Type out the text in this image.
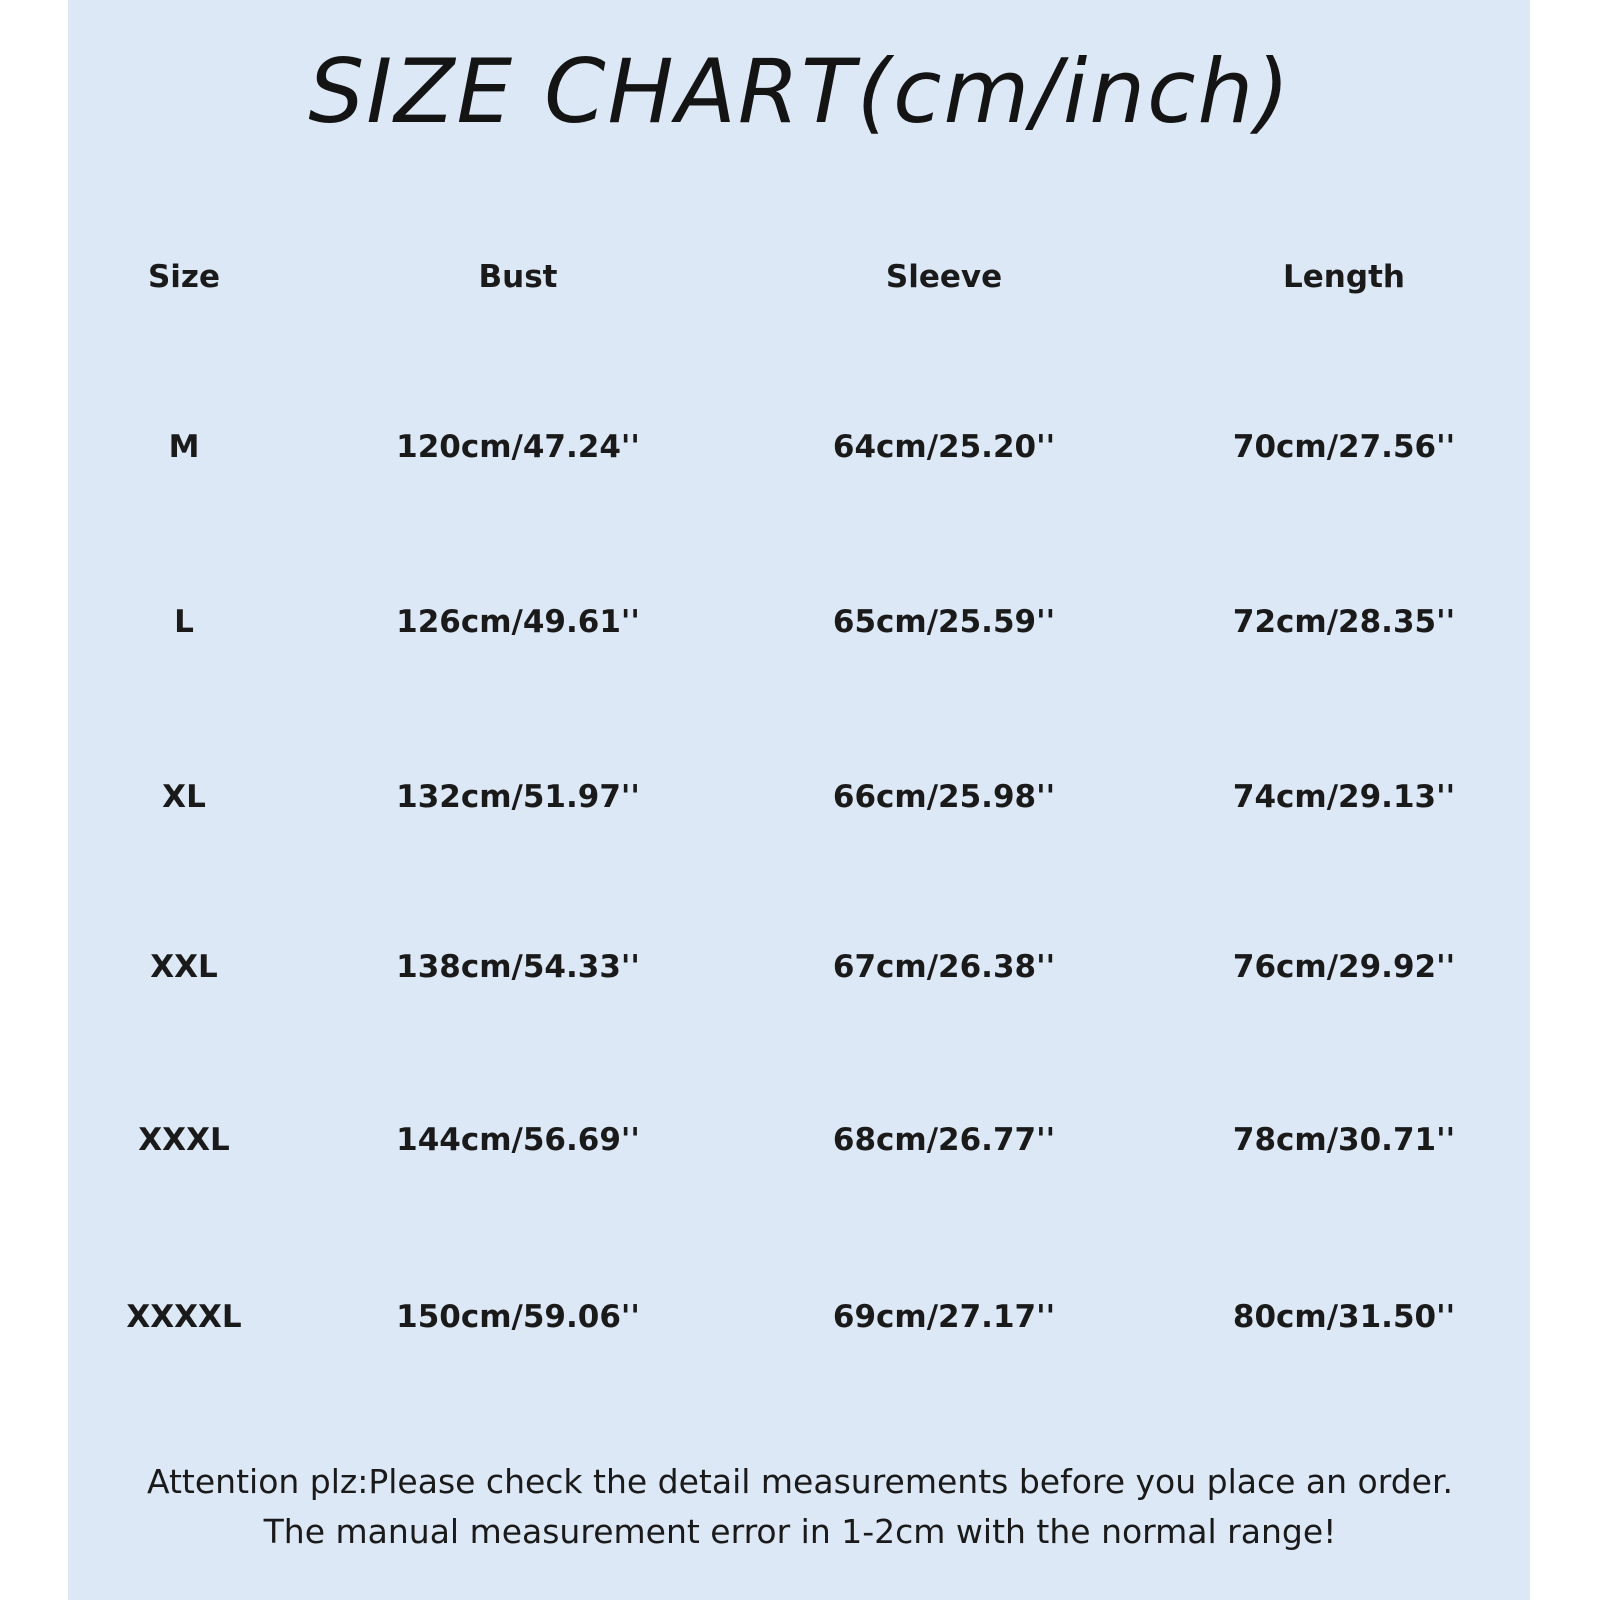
SIZE CHART(cm/inch)
Size	Bust	Sleeve	Length
M	120cm/47.24''	64cm/25.20''	70cm/27.56''
L	126cm/49.61''	65cm/25.59''	72cm/28.35''
XL	132cm/51.97''	66cm/25.98''	74cm/29.13''
XXL	138cm/54.33''	67cm/26.38''	76cm/29.92''
XXXL	144cm/56.69''	68cm/26.77''	78cm/30.71''
XXXXL	150cm/59.06''	69cm/27.17''	80cm/31.50''
Attention plz:Please check the detail measurements before you place an order.
The manual measurement error in 1-2cm with the normal range!
